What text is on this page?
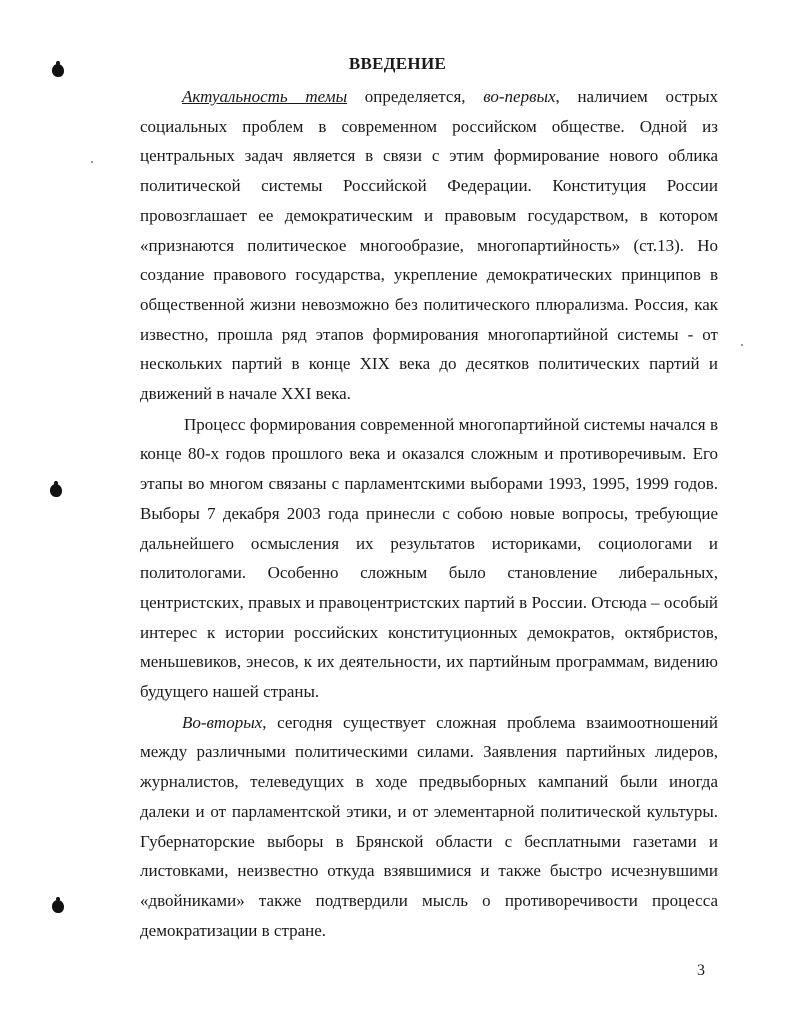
ВВЕДЕНИЕ

Актуальность темы определяется, во-первых, наличием острых социальных проблем в современном российском обществе. Одной из центральных задач является в связи с этим формирование нового облика политической системы Российской Федерации. Конституция России провозглашает ее демократическим и правовым государством, в котором «признаются политическое многообразие, многопартийность» (ст.13). Но создание правового государства, укрепление демократических принципов в общественной жизни невозможно без политического плюрализма. Россия, как известно, прошла ряд этапов формирования многопартийной системы - от нескольких партий в конце XIX века до десятков политических партий и движений в начале XXI века.

Процесс формирования современной многопартийной системы начался в конце 80-х годов прошлого века и оказался сложным и противоречивым. Его этапы во многом связаны с парламентскими выборами 1993, 1995, 1999 годов. Выборы 7 декабря 2003 года принесли с собою новые вопросы, требующие дальнейшего осмысления их результатов историками, социологами и политологами. Особенно сложным было становление либеральных, центристских, правых и правоцентристских партий в России. Отсюда – особый интерес к истории российских конституционных демократов, октябристов, меньшевиков, энесов, к их деятельности, их партийным программам, видению будущего нашей страны.

Во-вторых, сегодня существует сложная проблема взаимоотношений между различными политическими силами. Заявления партийных лидеров, журналистов, телеведущих в ходе предвыборных кампаний были иногда далеки и от парламентской этики, и от элементарной политической культуры. Губернаторские выборы в Брянской области с бесплатными газетами и листовками, неизвестно откуда взявшимися и также быстро исчезнувшими «двойниками» также подтвердили мысль о противоречивости процесса демократизации в стране.

3
